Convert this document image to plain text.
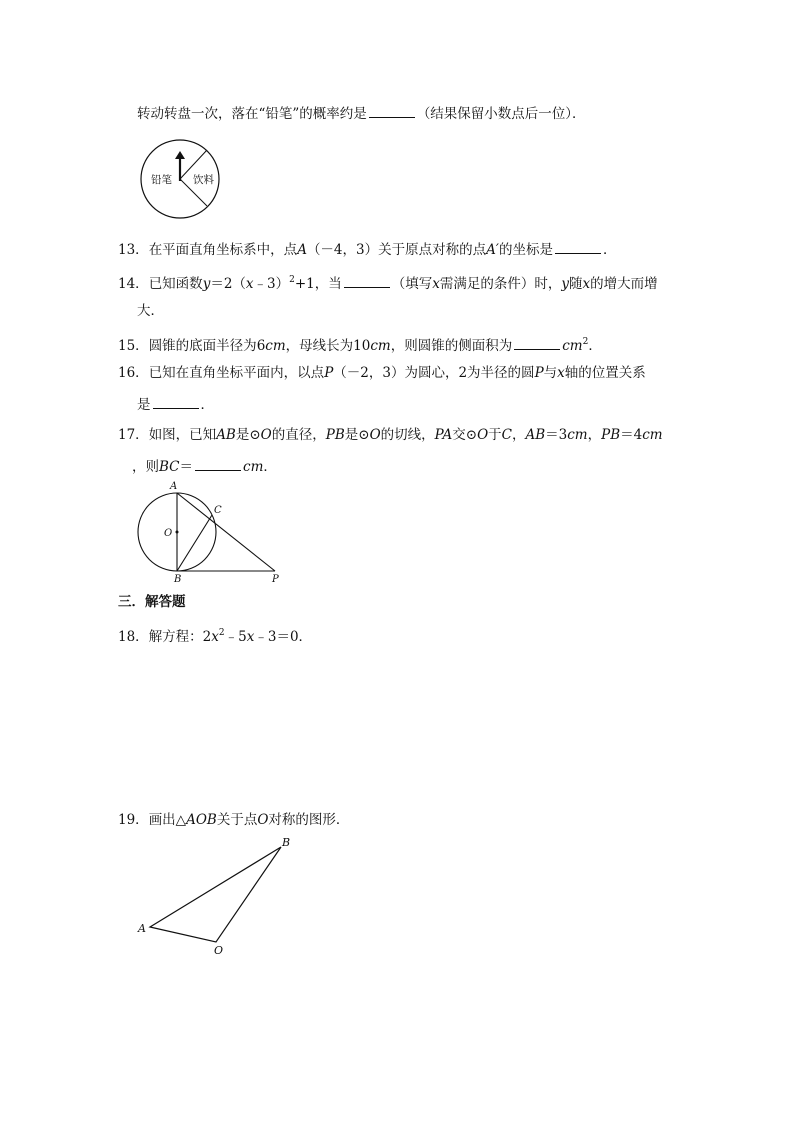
转动转盘一次，落在“铅笔”的概率约是	（结果保留小数点后一位）．
铅笔 饮料
13．在平面直角坐标系中，点A（－4，3）关于原点对称的点A′的坐标是	．
14．已知函数y＝2（x﹣3）$^2$+1，当	（填写x需满足的条件）时，y随x的增大而增
大．
15．圆锥的底面半径为6cm，母线长为10cm，则圆锥的侧面积为	$cm^2$．
16．已知在直角坐标平面内，以点P（－2，3）为圆心，2为半径的圆P与x轴的位置关系
是	．
17．如图，已知AB是⊙O的直径，PB是⊙O的切线，PA交⊙O于C，AB＝3cm，PB＝4cm
，则BC＝	cm．
A
B
C
O
P
三．解答题
18．解方程：$2x^2﹣5x﹣3=0$．
19．画出△AOB关于点O对称的图形．
A
B
O
